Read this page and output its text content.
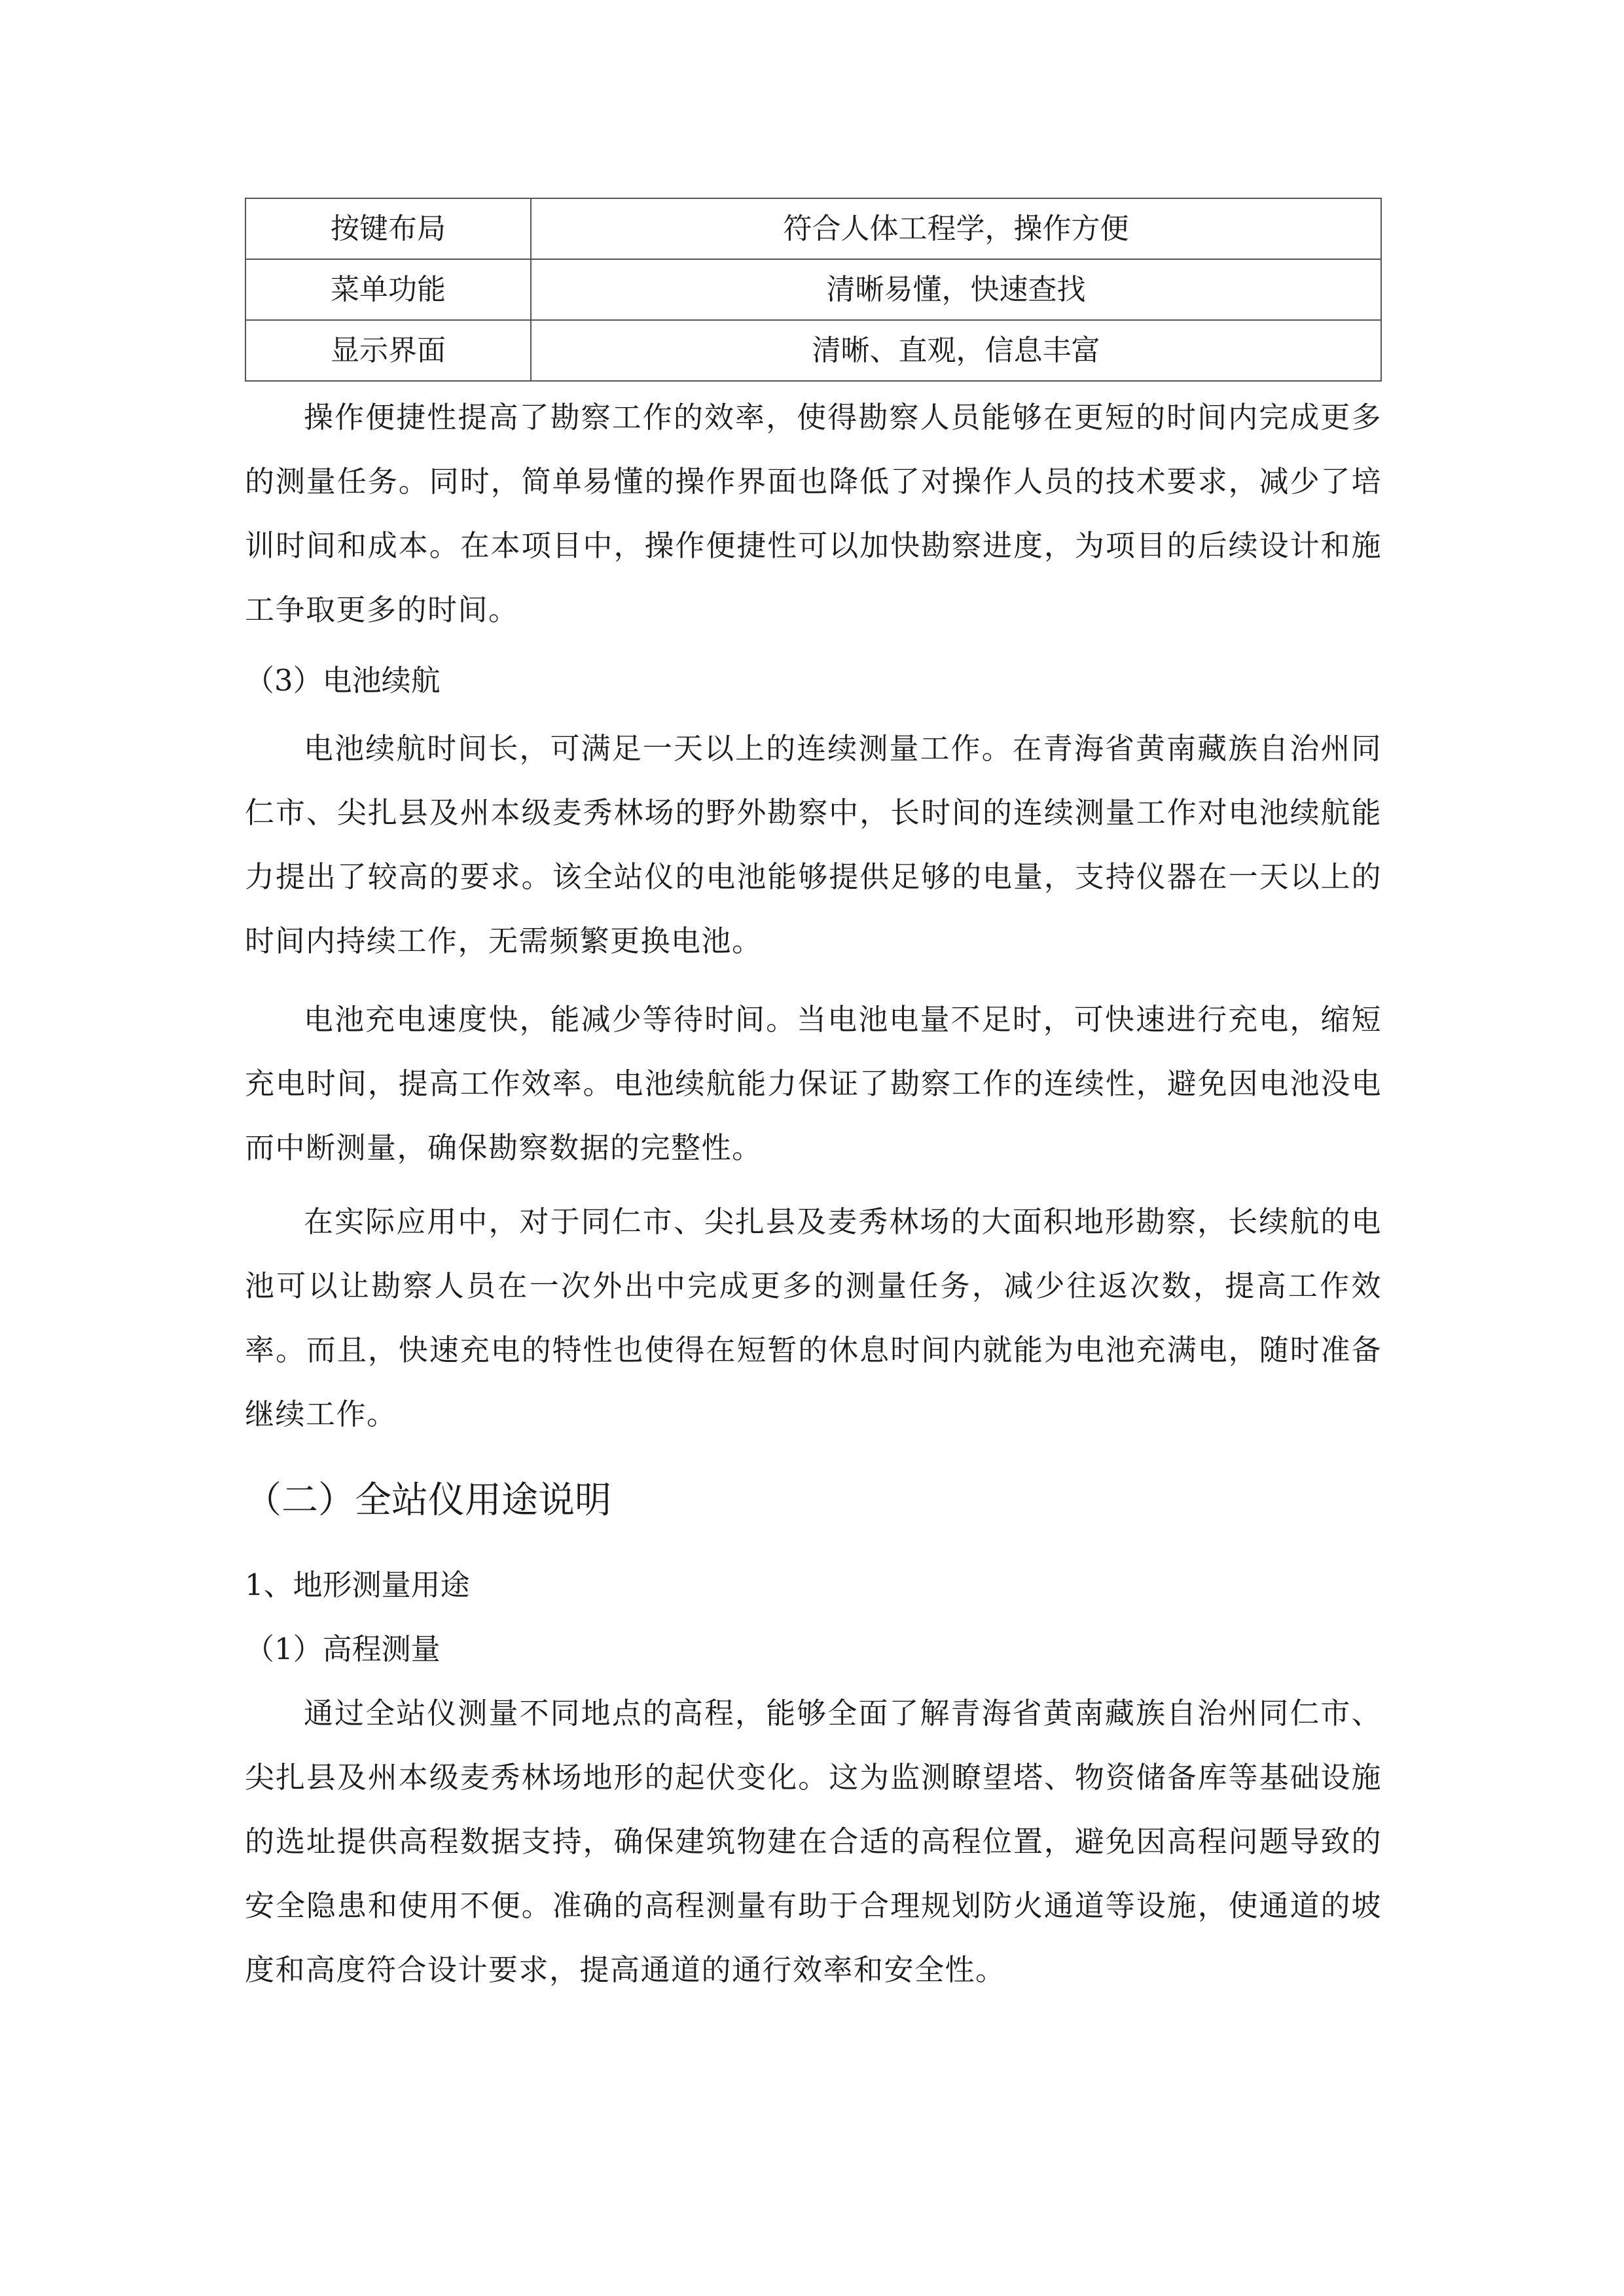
按键布局	符合人体工程学，操作方便
菜单功能	清晰易懂，快速查找
显示界面	清晰、直观，信息丰富

操作便捷性提高了勘察工作的效率，使得勘察人员能够在更短的时间内完成更多的测量任务。同时，简单易懂的操作界面也降低了对操作人员的技术要求，减少了培训时间和成本。在本项目中，操作便捷性可以加快勘察进度，为项目的后续设计和施工争取更多的时间。

（3）电池续航

电池续航时间长，可满足一天以上的连续测量工作。在青海省黄南藏族自治州同仁市、尖扎县及州本级麦秀林场的野外勘察中，长时间的连续测量工作对电池续航能力提出了较高的要求。该全站仪的电池能够提供足够的电量，支持仪器在一天以上的时间内持续工作，无需频繁更换电池。

电池充电速度快，能减少等待时间。当电池电量不足时，可快速进行充电，缩短充电时间，提高工作效率。电池续航能力保证了勘察工作的连续性，避免因电池没电而中断测量，确保勘察数据的完整性。

在实际应用中，对于同仁市、尖扎县及麦秀林场的大面积地形勘察，长续航的电池可以让勘察人员在一次外出中完成更多的测量任务，减少往返次数，提高工作效率。而且，快速充电的特性也使得在短暂的休息时间内就能为电池充满电，随时准备继续工作。

（二）全站仪用途说明

1、地形测量用途

（1）高程测量

通过全站仪测量不同地点的高程，能够全面了解青海省黄南藏族自治州同仁市、尖扎县及州本级麦秀林场地形的起伏变化。这为监测瞭望塔、物资储备库等基础设施的选址提供高程数据支持，确保建筑物建在合适的高程位置，避免因高程问题导致的安全隐患和使用不便。准确的高程测量有助于合理规划防火通道等设施，使通道的坡度和高度符合设计要求，提高通道的通行效率和安全性。
